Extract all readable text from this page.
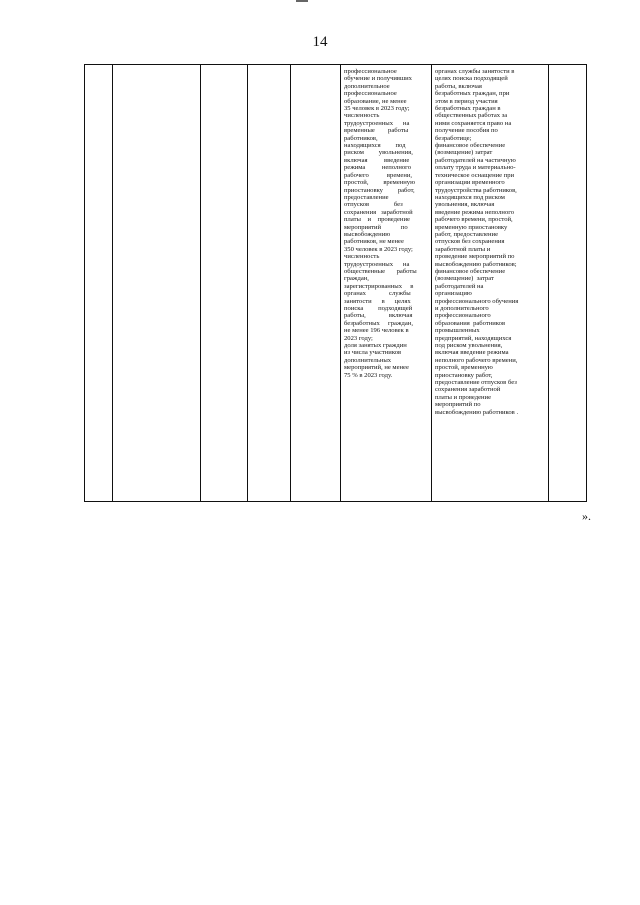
14
профессиональное
обучение и получивших
дополнительное
профессиональное
образование, не менее
35 человек в 2023 году;
численность
трудоустроенных      на
временные        работы
работников,
находящихся         под
риском         увольнения,
включая          введение
режима          неполного
рабочего           времени,
простой,         временную
приостановку         работ,
предоставление
отпусков               без
сохранения   заработной
платы    и    проведение
мероприятий            по
высвобождению
работников, не менее
350 человек в 2023 году;
численность
трудоустроенных      на
общественные       работы
граждан,
зарегистрированных     в
органах              службы
занятости      в      целях
поиска         подходящей
работы,              включая
безработных     граждан,
не менее 196 человек в
2023 году;
доля занятых граждин
из числа участников
дополнительных
мероприятий, не менее
75 % в 2023 году.
органах службы занятости в
целях поиска подходящей
работы, включая
безработных граждан, при
этом в период участия
безработных граждан в
общественных работах за
ними сохраняется право на
получение пособия по
безработице;
финансовое обеспечение
(возмещение) затрат
работодателей на частичную
оплату труда и материально-
техническое оснащение при
организации временного
трудоустройства работников,
находящихся под риском
увольнения, включая
введение режима неполного
рабочего времени, простой,
временную приостановку
работ, предоставление
отпусков без сохранения
заработной платы и
проведение мероприятий по
высвобождению работников;
финансовое обеспечение
(возмещение)  затрат
работодателей на
организацию
профессионального обучения
и дополнительного
профессионального
образования  работников
промышленных
предприятий, находящихся
под риском увольнения,
включая введение режима
неполного рабочего времени,
простой, временную
приостановку работ,
предоставление отпусков без
сохранения заработной
платы и проведение
мероприятий по
высвобождению работников .
».
